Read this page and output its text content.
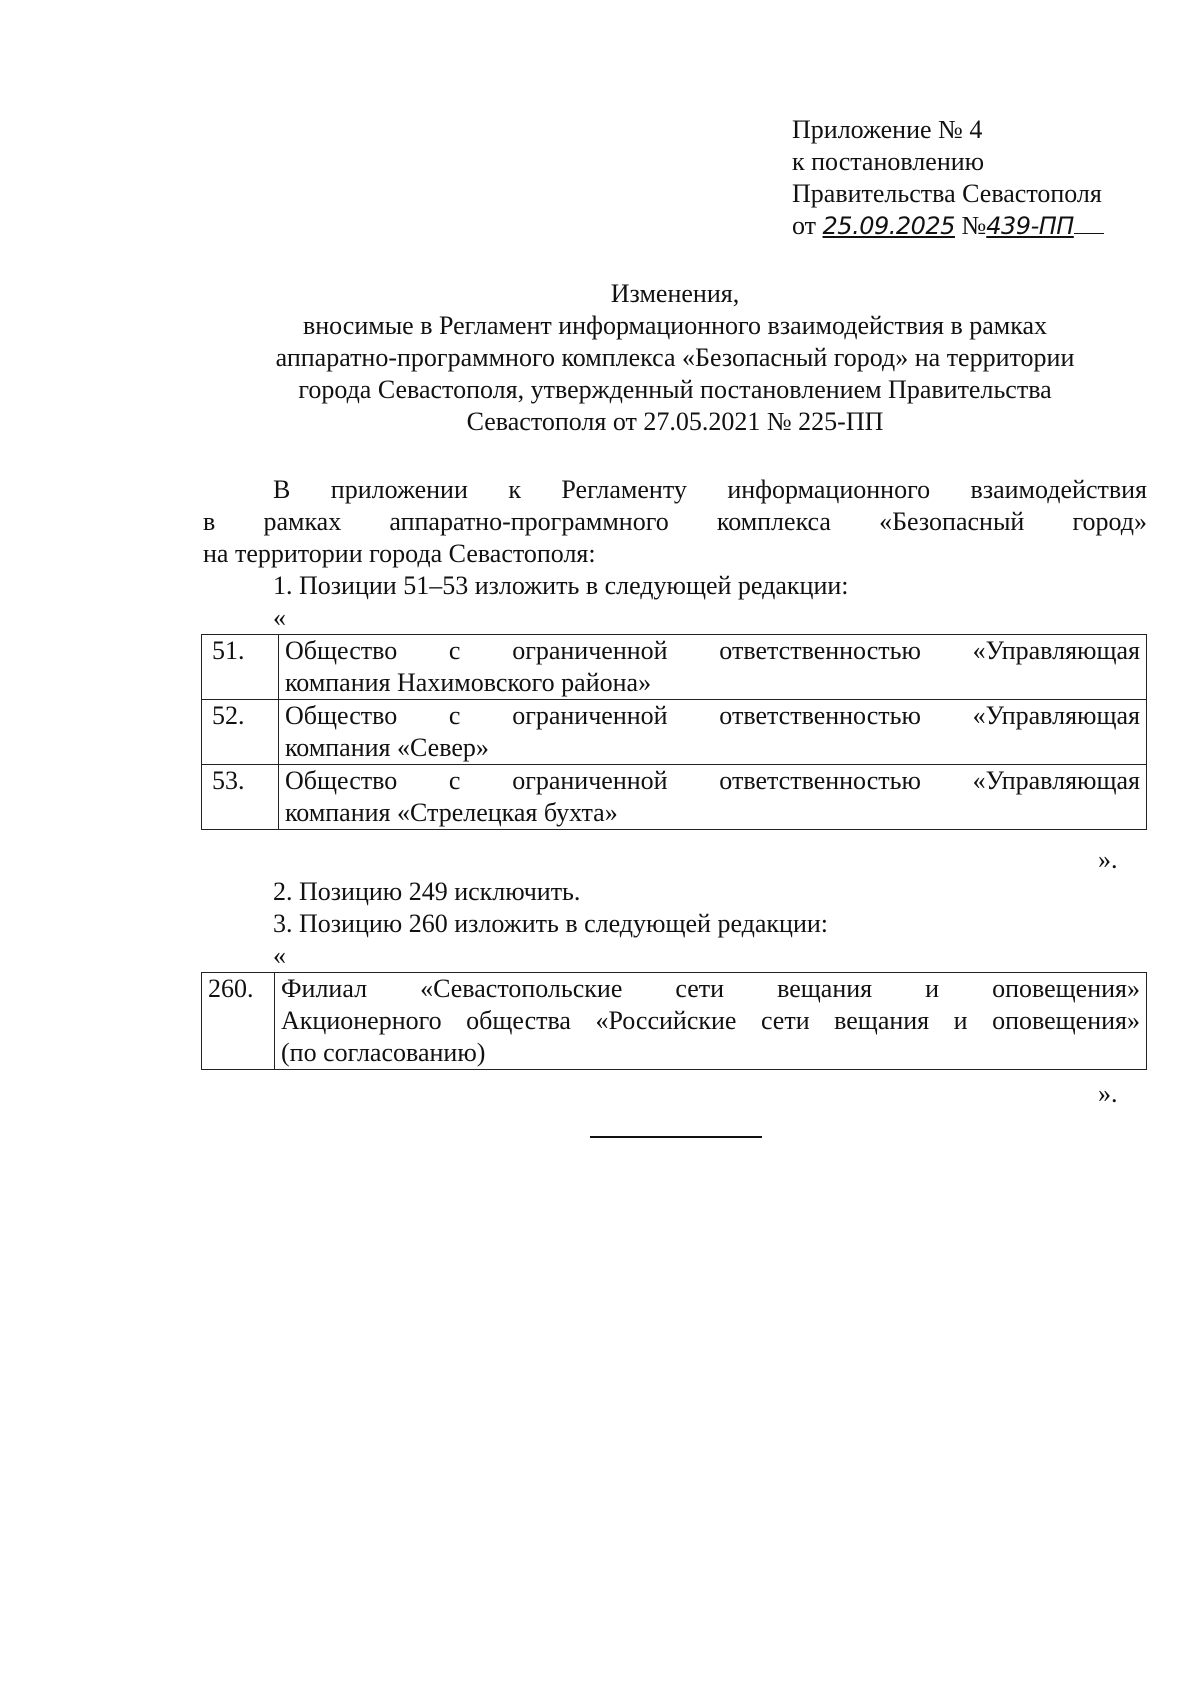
Приложение № 4
к постановлению
Правительства Севастополя
от 25.09.2025 №439-ПП
Изменения,
вносимые в Регламент информационного взаимодействия в рамках
аппаратно-программного комплекса «Безопасный город» на территории
города Севастополя, утвержденный постановлением Правительства
Севастополя от 27.05.2021 № 225-ПП
В приложении к Регламенту информационного взаимодействия
в рамках аппаратно-программного комплекса «Безопасный город»
на территории города Севастополя:
1. Позиции 51–53 изложить в следующей редакции:
«
51.	Общество с ограниченной ответственностью «Управляющая
компания Нахимовского района»

52.	Общество с ограниченной ответственностью «Управляющая
компания «Север»

53.	Общество с ограниченной ответственностью «Управляющая
компания «Стрелецкая бухта»
».
2. Позицию 249 исключить.
3. Позицию 260 изложить в следующей редакции:
«
260.	Филиал «Севастопольские сети вещания и оповещения»
Акционерного общества «Российские сети вещания и оповещения»
(по согласованию)
».
